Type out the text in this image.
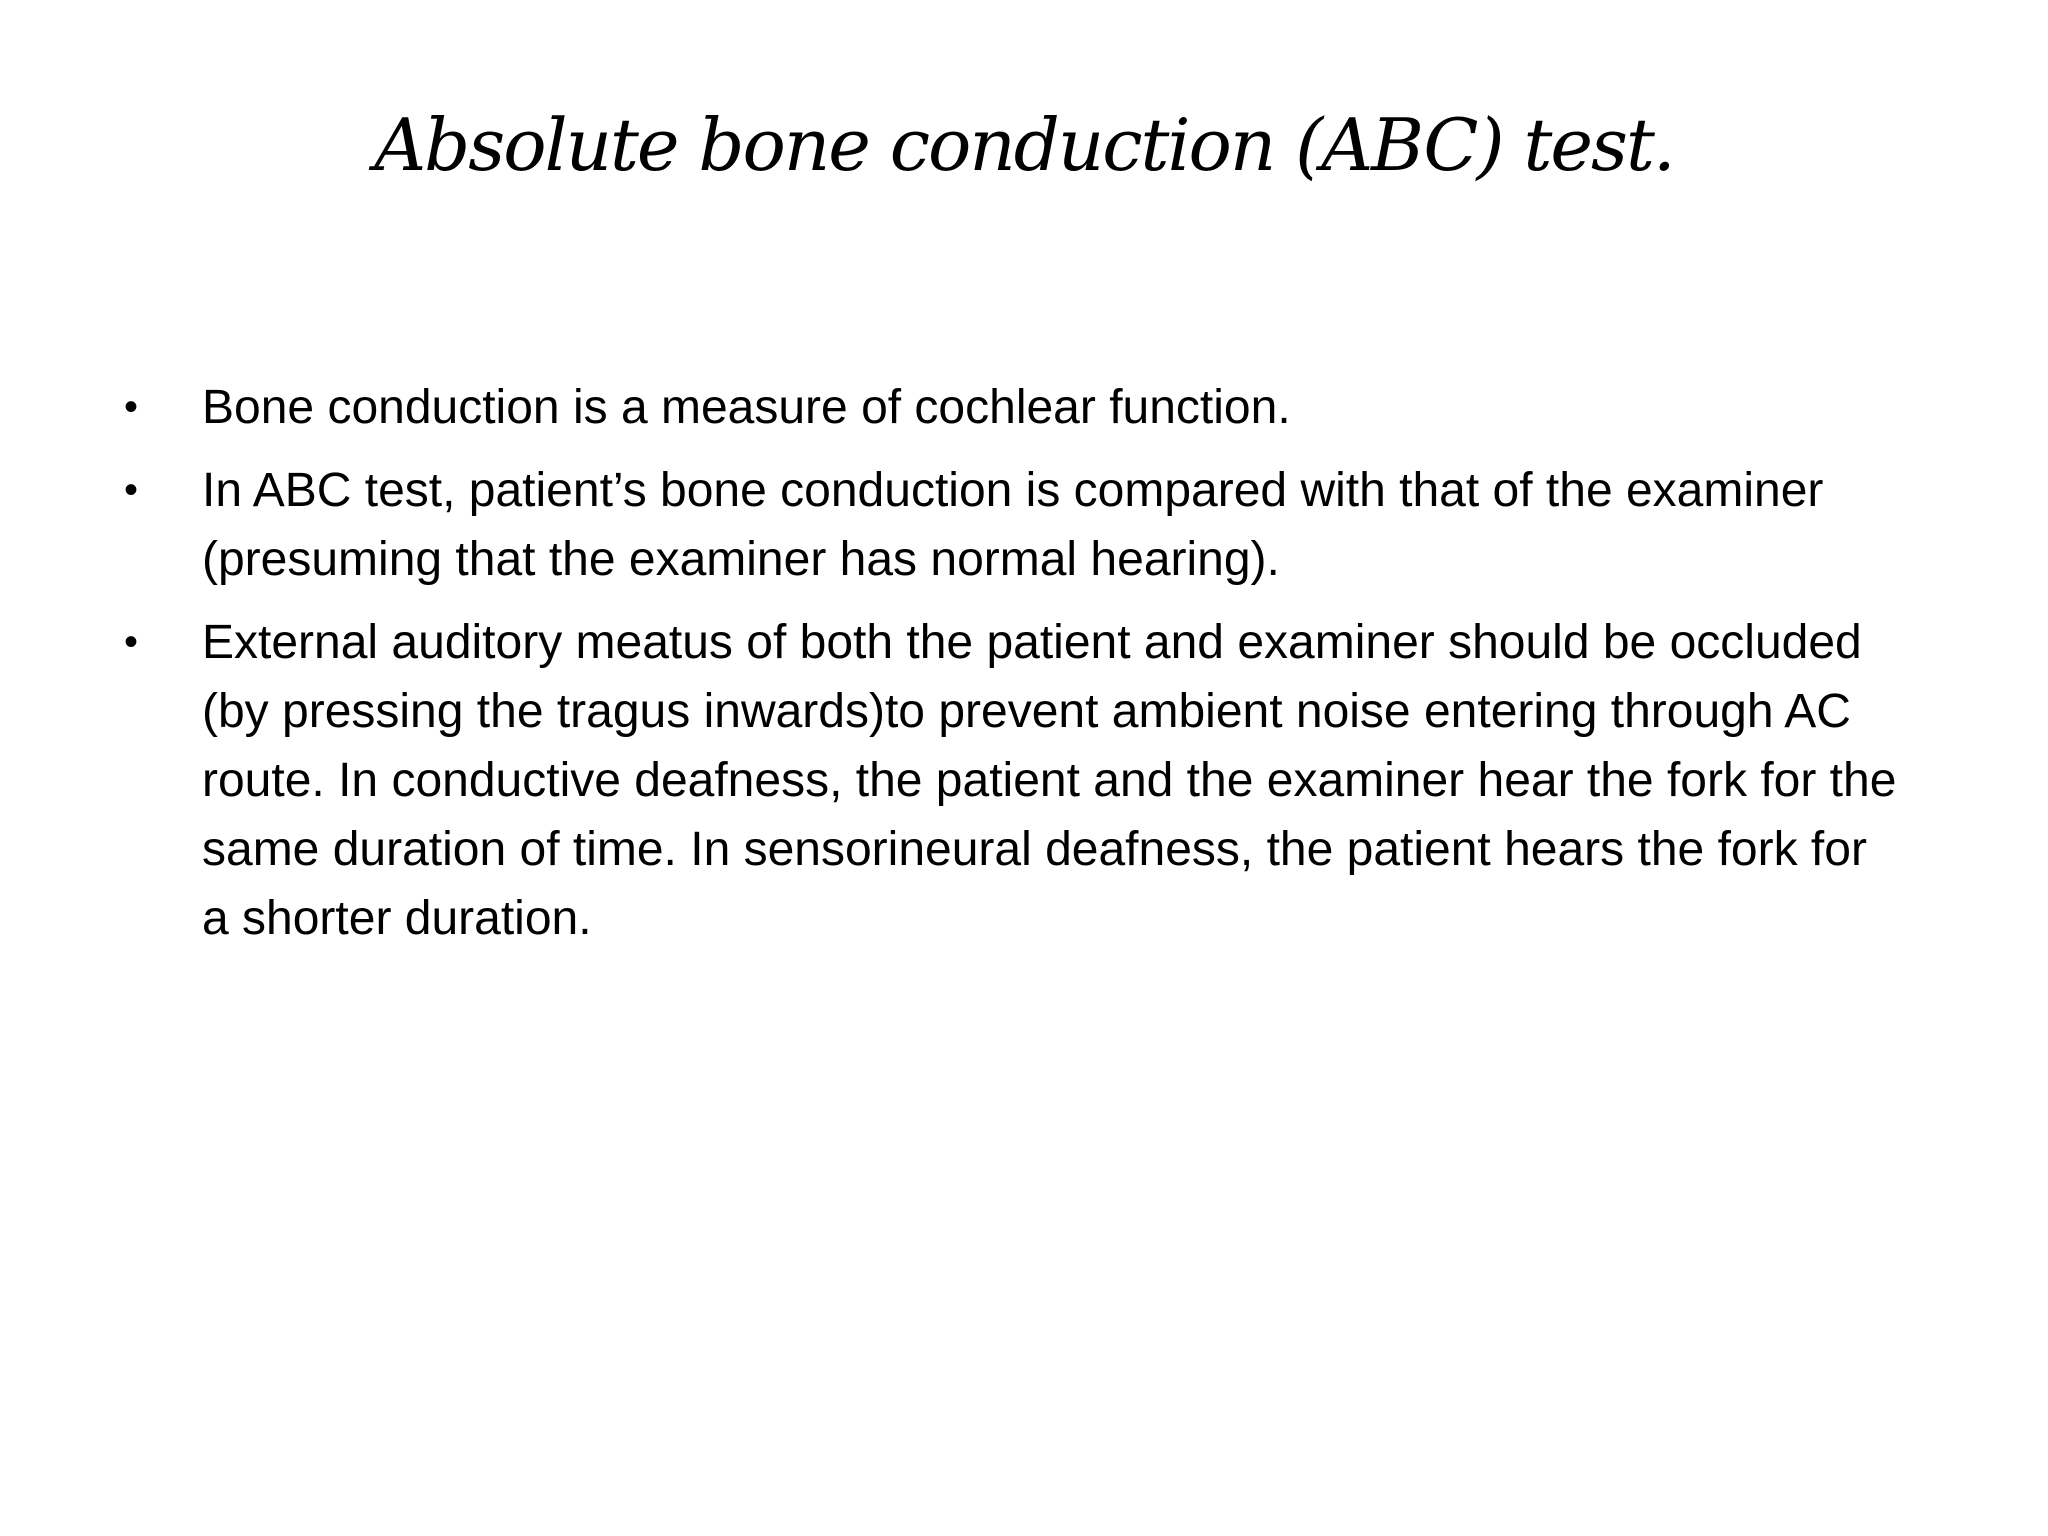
Absolute bone conduction (ABC) test.
• Bone conduction is a measure of cochlear function.
• In ABC test, patient’s bone conduction is compared with that of the examiner (presuming that the examiner has normal hearing).
• External auditory meatus of both the patient and examiner should be occluded (by pressing the tragus inwards)to prevent ambient noise entering through AC route. In conductive deafness, the patient and the examiner hear the fork for the same duration of time. In sensorineural deafness, the patient hears the fork for a shorter duration.
